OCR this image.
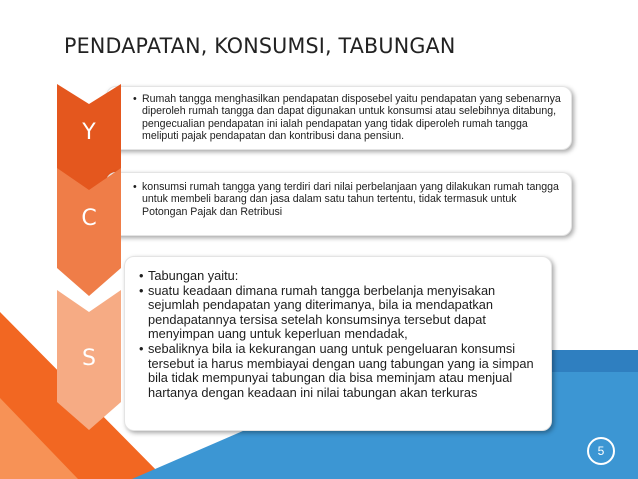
PENDAPATAN, KONSUMSI, TABUNGAN
• Rumah tangga menghasilkan pendapatan disposebel yaitu pendapatan yang sebenarnya diperoleh rumah tangga dan dapat digunakan untuk konsumsi atau selebihnya ditabung, pengecualian pendapatan ini ialah pendapatan yang tidak diperoleh rumah tangga meliputi pajak pendapatan dan kontribusi dana pensiun.
Y
• konsumsi rumah tangga yang terdiri dari nilai perbelanjaan yang dilakukan rumah tangga untuk membeli barang dan jasa dalam satu tahun tertentu, tidak termasuk untuk Potongan Pajak dan Retribusi
C
• Tabungan yaitu:
• suatu keadaan dimana rumah tangga berbelanja menyisakan sejumlah pendapatan yang diterimanya, bila ia mendapatkan pendapatannya tersisa setelah konsumsinya tersebut dapat menyimpan uang untuk keperluan mendadak,
• sebaliknya bila ia kekurangan uang untuk pengeluaran konsumsi tersebut ia harus membiayai dengan uang tabungan yang ia simpan bila tidak mempunyai tabungan dia bisa meminjam atau menjual hartanya dengan keadaan ini nilai tabungan akan terkuras
S
5
